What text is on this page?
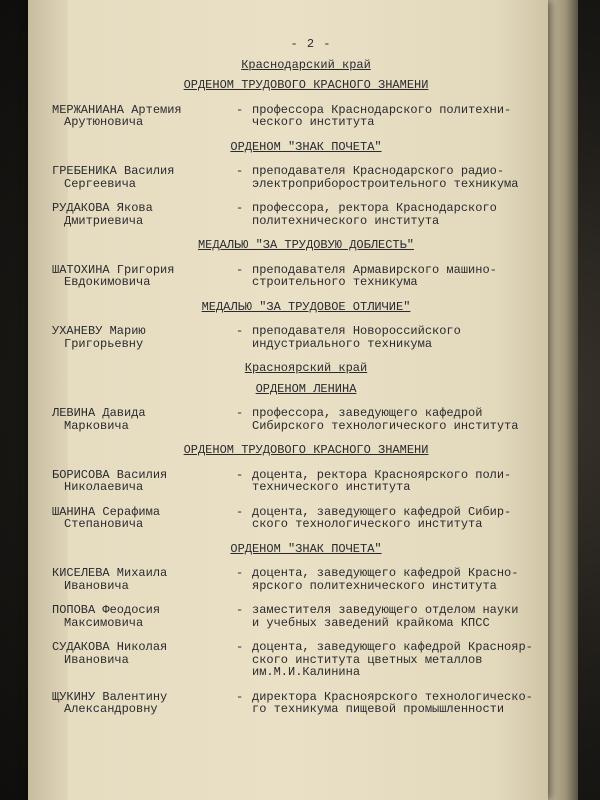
- 2 -
Краснодарский край
ОРДЕНОМ ТРУДОВОГО КРАСНОГО ЗНАМЕНИ
МЕРЖАНИАНА Артемия
Арутюновича
- профессора Краснодарского политехни-
ческого института
ОРДЕНОМ "ЗНАК ПОЧЕТА"
ГРЕБЕНИКА Василия
Сергеевича
- преподавателя Краснодарского радио-
электроприборостроительного техникума
РУДАКОВА Якова
Дмитриевича
- профессора, ректора Краснодарского
политехнического института
МЕДАЛЬЮ "ЗА ТРУДОВУЮ ДОБЛЕСТЬ"
ШАТОХИНА Григория
Евдокимовича
- преподавателя Армавирского машино-
строительного техникума
МЕДАЛЬЮ "ЗА ТРУДОВОЕ ОТЛИЧИЕ"
УХАНЕВУ Марию
Григорьевну
- преподавателя Новороссийского
индустриального техникума
Красноярский край
ОРДЕНОМ ЛЕНИНА
ЛЕВИНА Давида
Марковича
- профессора, заведующего кафедрой
Сибирского технологического института
ОРДЕНОМ ТРУДОВОГО КРАСНОГО ЗНАМЕНИ
БОРИСОВА Василия
Николаевича
- доцента, ректора Красноярского поли-
технического института
ШАНИНА Серафима
Степановича
- доцента, заведующего кафедрой Сибир-
ского технологического института
ОРДЕНОМ "ЗНАК ПОЧЕТА"
КИСЕЛЕВА Михаила
Ивановича
- доцента, заведующего кафедрой Красно-
ярского политехнического института
ПОПОВА Феодосия
Максимовича
- заместителя заведующего отделом науки
и учебных заведений крайкома КПСС
СУДАКОВА Николая
Ивановича
- доцента, заведующего кафедрой Краснояр-
ского института цветных металлов
им.М.И.Калинина
ЩУКИНУ Валентину
Александровну
- директора Красноярского технологическо-
го техникума пищевой промышленности
